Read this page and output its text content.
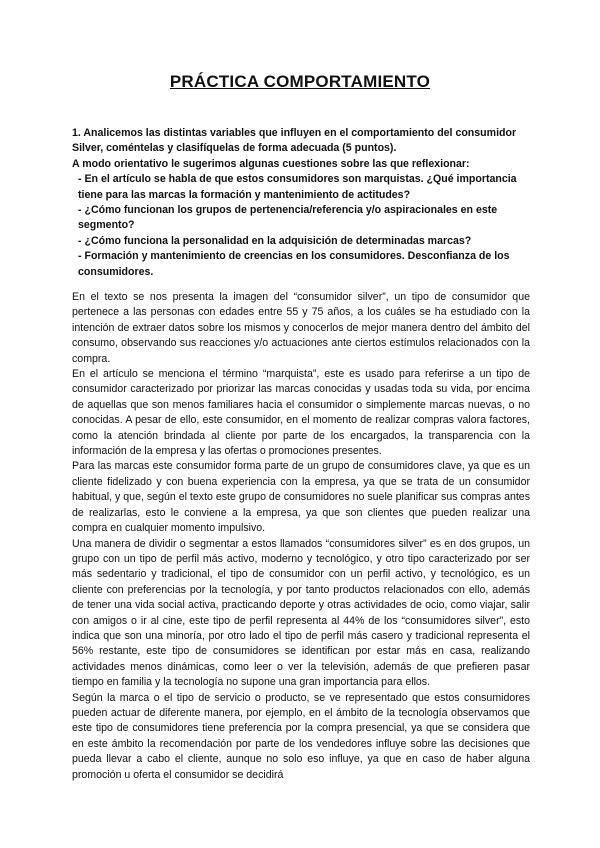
PRÁCTICA COMPORTAMIENTO

1. Analicemos las distintas variables que influyen en el comportamiento del consumidor Silver, coméntelas y clasifíquelas de forma adecuada (5 puntos).

A modo orientativo le sugerimos algunas cuestiones sobre las que reflexionar:

- En el artículo se habla de que estos consumidores son marquistas. ¿Qué importancia tiene para las marcas la formación y mantenimiento de actitudes?

- ¿Cómo funcionan los grupos de pertenencia/referencia y/o aspiracionales en este segmento?

- ¿Cómo funciona la personalidad en la adquisición de determinadas marcas?

- Formación y mantenimiento de creencias en los consumidores. Desconfianza de los consumidores.

En el texto se nos presenta la imagen del “consumidor silver”, un tipo de consumidor que pertenece a las personas con edades entre 55 y 75 años, a los cuáles se ha estudiado con la intención de extraer datos sobre los mismos y conocerlos de mejor manera dentro del ámbito del consumo, observando sus reacciones y/o actuaciones ante ciertos estímulos relacionados con la compra.

En el artículo se menciona el término “marquista”, este es usado para referirse a un tipo de consumidor caracterizado por priorizar las marcas conocidas y usadas toda su vida, por encima de aquellas que son menos familiares hacia el consumidor o simplemente marcas nuevas, o no conocidas. A pesar de ello, este consumidor, en el momento de realizar compras valora factores, como la atención brindada al cliente por parte de los encargados, la transparencia con la información de la empresa y las ofertas o promociones presentes.

Para las marcas este consumidor forma parte de un grupo de consumidores clave, ya que es un cliente fidelizado y con buena experiencia con la empresa, ya que se trata de un consumidor habitual, y que, según el texto este grupo de consumidores no suele planificar sus compras antes de realizarlas, esto le conviene a la empresa, ya que son clientes que pueden realizar una compra en cualquier momento impulsivo.

Una manera de dividir o segmentar a estos llamados “consumidores silver” es en dos grupos, un grupo con un tipo de perfil más activo, moderno y tecnológico, y otro tipo caracterizado por ser más sedentario y tradicional, el tipo de consumidor con un perfil activo, y tecnológico, es un cliente con preferencias por la tecnología, y por tanto productos relacionados con ello, además de tener una vida social activa, practicando deporte y otras actividades de ocio, como viajar, salir con amigos o ir al cine, este tipo de perfil representa al 44% de los “consumidores silver”, esto indica que son una minoría, por otro lado el tipo de perfil más casero y tradicional representa el 56% restante, este tipo de consumidores se identifican por estar más en casa, realizando actividades menos dinámicas, como leer o ver la televisión, además de que prefieren pasar tiempo en familia y la tecnología no supone una gran importancia para ellos.

Según la marca o el tipo de servicio o producto, se ve representado que estos consumidores pueden actuar de diferente manera, por ejemplo, en el ámbito de la tecnología observamos que este tipo de consumidores tiene preferencia por la compra presencial, ya que se considera que en este ámbito la recomendación por parte de los vendedores influye sobre las decisiones que pueda llevar a cabo el cliente, aunque no solo eso influye, ya que en caso de haber alguna promoción u oferta el consumidor se decidirá
